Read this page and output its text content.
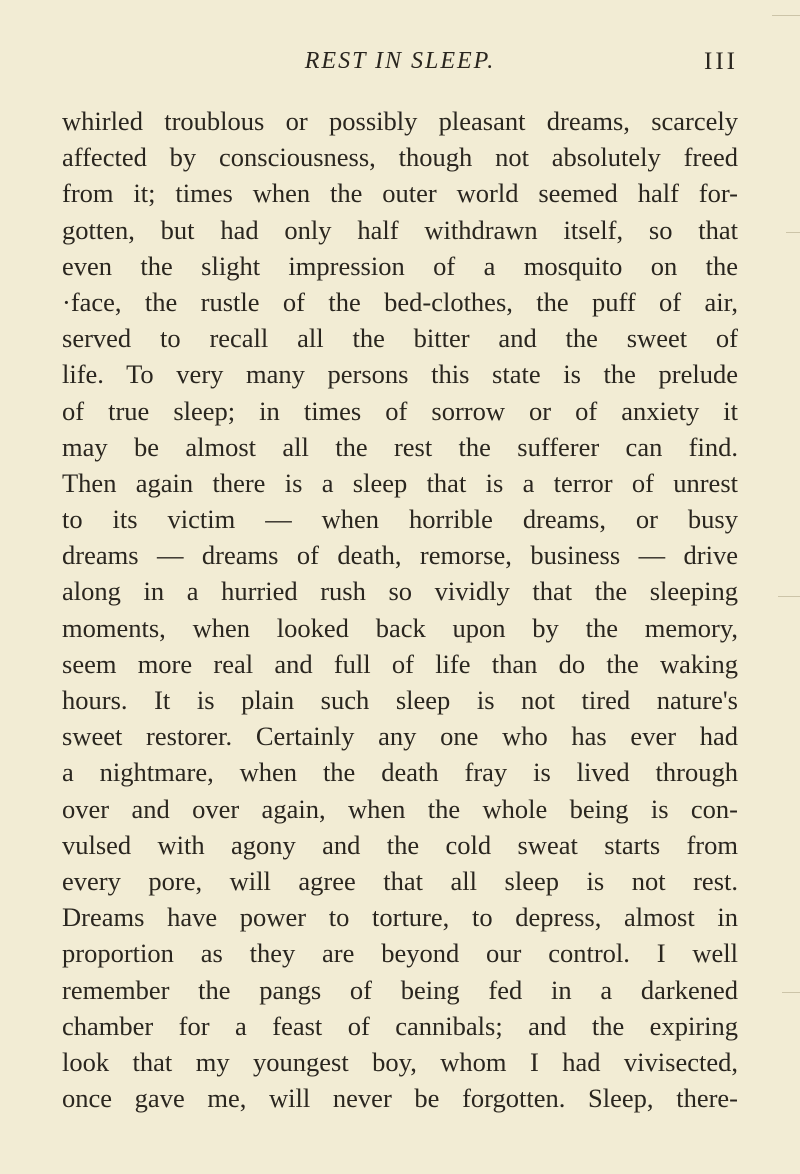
REST IN SLEEP.	III
whirled troublous or possibly pleasant dreams, scarcely
affected by consciousness, though not absolutely freed
from it; times when the outer world seemed half for-
gotten, but had only half withdrawn itself, so that
even the slight impression of a mosquito on the
·face, the rustle of the bed-clothes, the puff of air,
served to recall all the bitter and the sweet of
life. To very many persons this state is the prelude
of true sleep; in times of sorrow or of anxiety it
may be almost all the rest the sufferer can find.
Then again there is a sleep that is a terror of unrest
to its victim — when horrible dreams, or busy
dreams — dreams of death, remorse, business — drive
along in a hurried rush so vividly that the sleeping
moments, when looked back upon by the memory,
seem more real and full of life than do the waking
hours. It is plain such sleep is not tired nature's
sweet restorer. Certainly any one who has ever had
a nightmare, when the death fray is lived through
over and over again, when the whole being is con-
vulsed with agony and the cold sweat starts from
every pore, will agree that all sleep is not rest.
Dreams have power to torture, to depress, almost in
proportion as they are beyond our control. I well
remember the pangs of being fed in a darkened
chamber for a feast of cannibals; and the expiring
look that my youngest boy, whom I had vivisected,
once gave me, will never be forgotten. Sleep, there-
